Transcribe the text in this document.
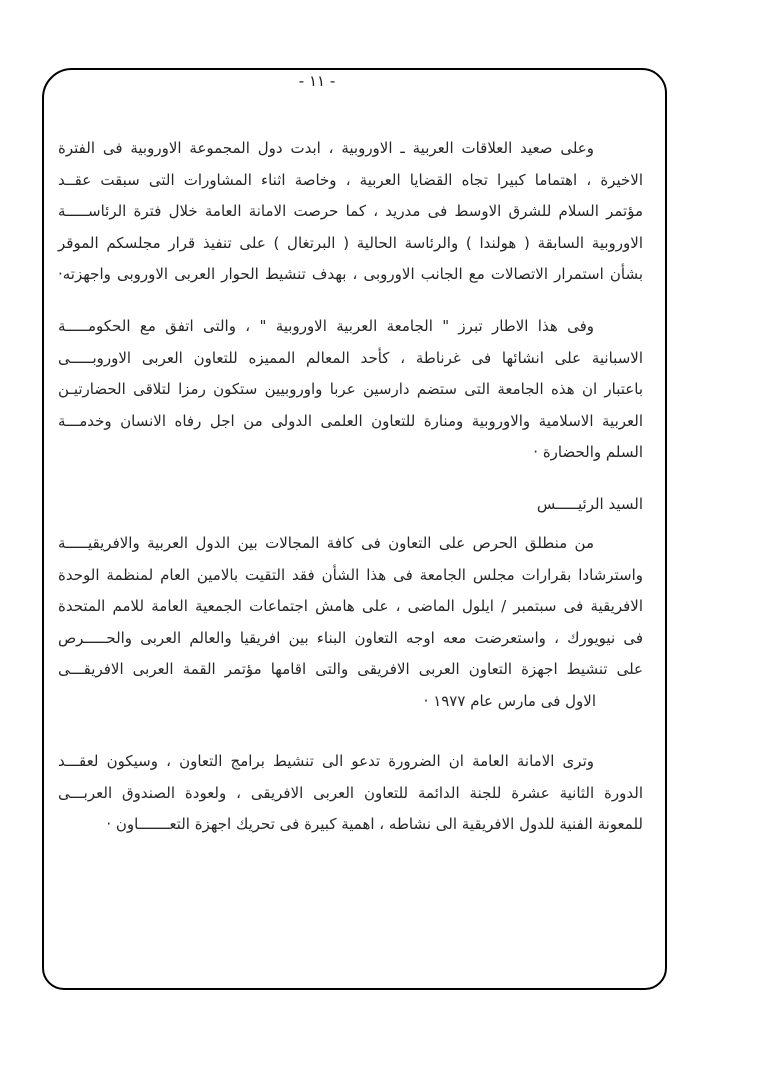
- ١١ -
وعلى صعيد العلاقات العربية ـ الاوروبية ، ابدت دول المجموعة الاوروبية فى الفترة
الاخيرة ، اهتماما كبيرا تجاه القضايا العربية ، وخاصة اثناء المشاورات التى سبقت عقــد
مؤتمر السلام للشرق الاوسط فى مدريد ، كما حرصت الامانة العامة خلال فترة الرئاســـــة
الاوروبية السابقة ( هولندا ) والرئاسة الحالية ( البرتغال ) على تنفيذ قرار مجلسكم الموقر
بشأن استمرار الاتصالات مع الجانب الاوروبى ، بهدف تنشيط الحوار العربى الاوروبى واجهزته·
وفى هذا الاطار تبرز " الجامعة العربية الاوروبية " ، والتى اتفق مع الحكومـــــة
الاسبانية على انشائها فى غرناطة ، كأحد المعالم المميزه للتعاون العربى الاوروبـــــى
باعتبار ان هذه الجامعة التى ستضم دارسين عربا واوروبيين ستكون رمزا لتلاقى الحضارتيـن
العربية الاسلامية والاوروبية ومنارة للتعاون العلمى الدولى من اجل رفاه الانسان وخدمـــة
السلم والحضارة ·
السيد الرئيـــــس
من منطلق الحرص على التعاون فى كافة المجالات بين الدول العربية والافريقيـــــة
واسترشادا بقرارات مجلس الجامعة فى هذا الشأن فقد التقيت بالامين العام لمنظمة الوحدة
الافريقية فى سبتمبر / ايلول الماضى ، على هامش اجتماعات الجمعية العامة للامم المتحدة
فى نيويورك ، واستعرضت معه اوجه التعاون البناء بين افريقيا والعالم العربى والحـــــرص
على تنشيط اجهزة التعاون العربى الافريقى والتى اقامها مؤتمر القمة العربى الافريقـــى
الاول فى مارس عام ١٩٧٧ ·
وترى الامانة العامة ان الضرورة تدعو الى تنشيط برامج التعاون ، وسيكون لعقـــد
الدورة الثانية عشرة للجنة الدائمة للتعاون العربى الافريقى ، ولعودة الصندوق العربـــى
للمعونة الفنية للدول الافريقية الى نشاطه ، اهمية كبيرة فى تحريك اجهزة التعـــــــاون ·
